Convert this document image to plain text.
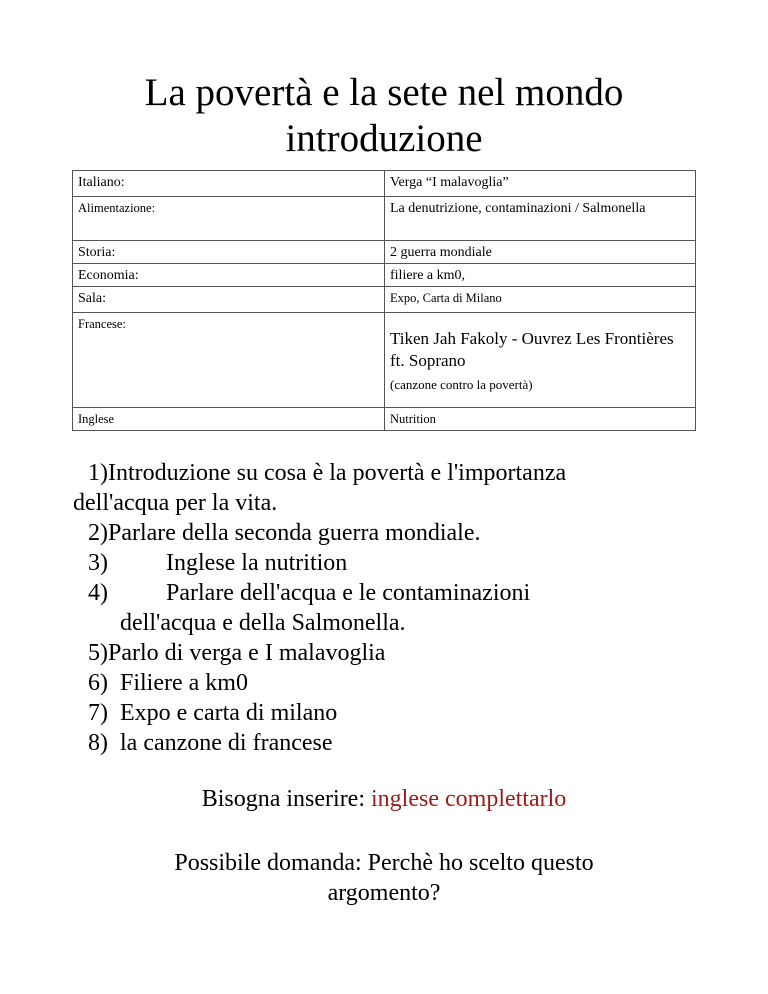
La povertà e la sete nel mondo
introduzione
Italiano:	Verga “I malavoglia”
Alimentazione:	La denutrizione, contaminazioni / Salmonella
Storia:	2 guerra mondiale
Economia:	filiere a km0,
Sala:	Expo, Carta di Milano
Francese:	Tiken Jah Fakoly - Ouvrez Les Frontières ft. Soprano
(canzone contro la povertà)

Inglese	Nutrition
1)Introduzione su cosa è la povertà e l'importanza
dell'acqua per la vita.
2)Parlare della seconda guerra mondiale.
3) Inglese la nutrition

4) Parlare dell'acqua e le contaminazioni

dell'acqua e della Salmonella.
5)Parlo di verga e I malavoglia
6)  Filiere a km0
7)  Expo e carta di milano
8)  la canzone di francese
Bisogna inserire: inglese complettarlo
Possibile domanda: Perchè ho scelto questo
argomento?
